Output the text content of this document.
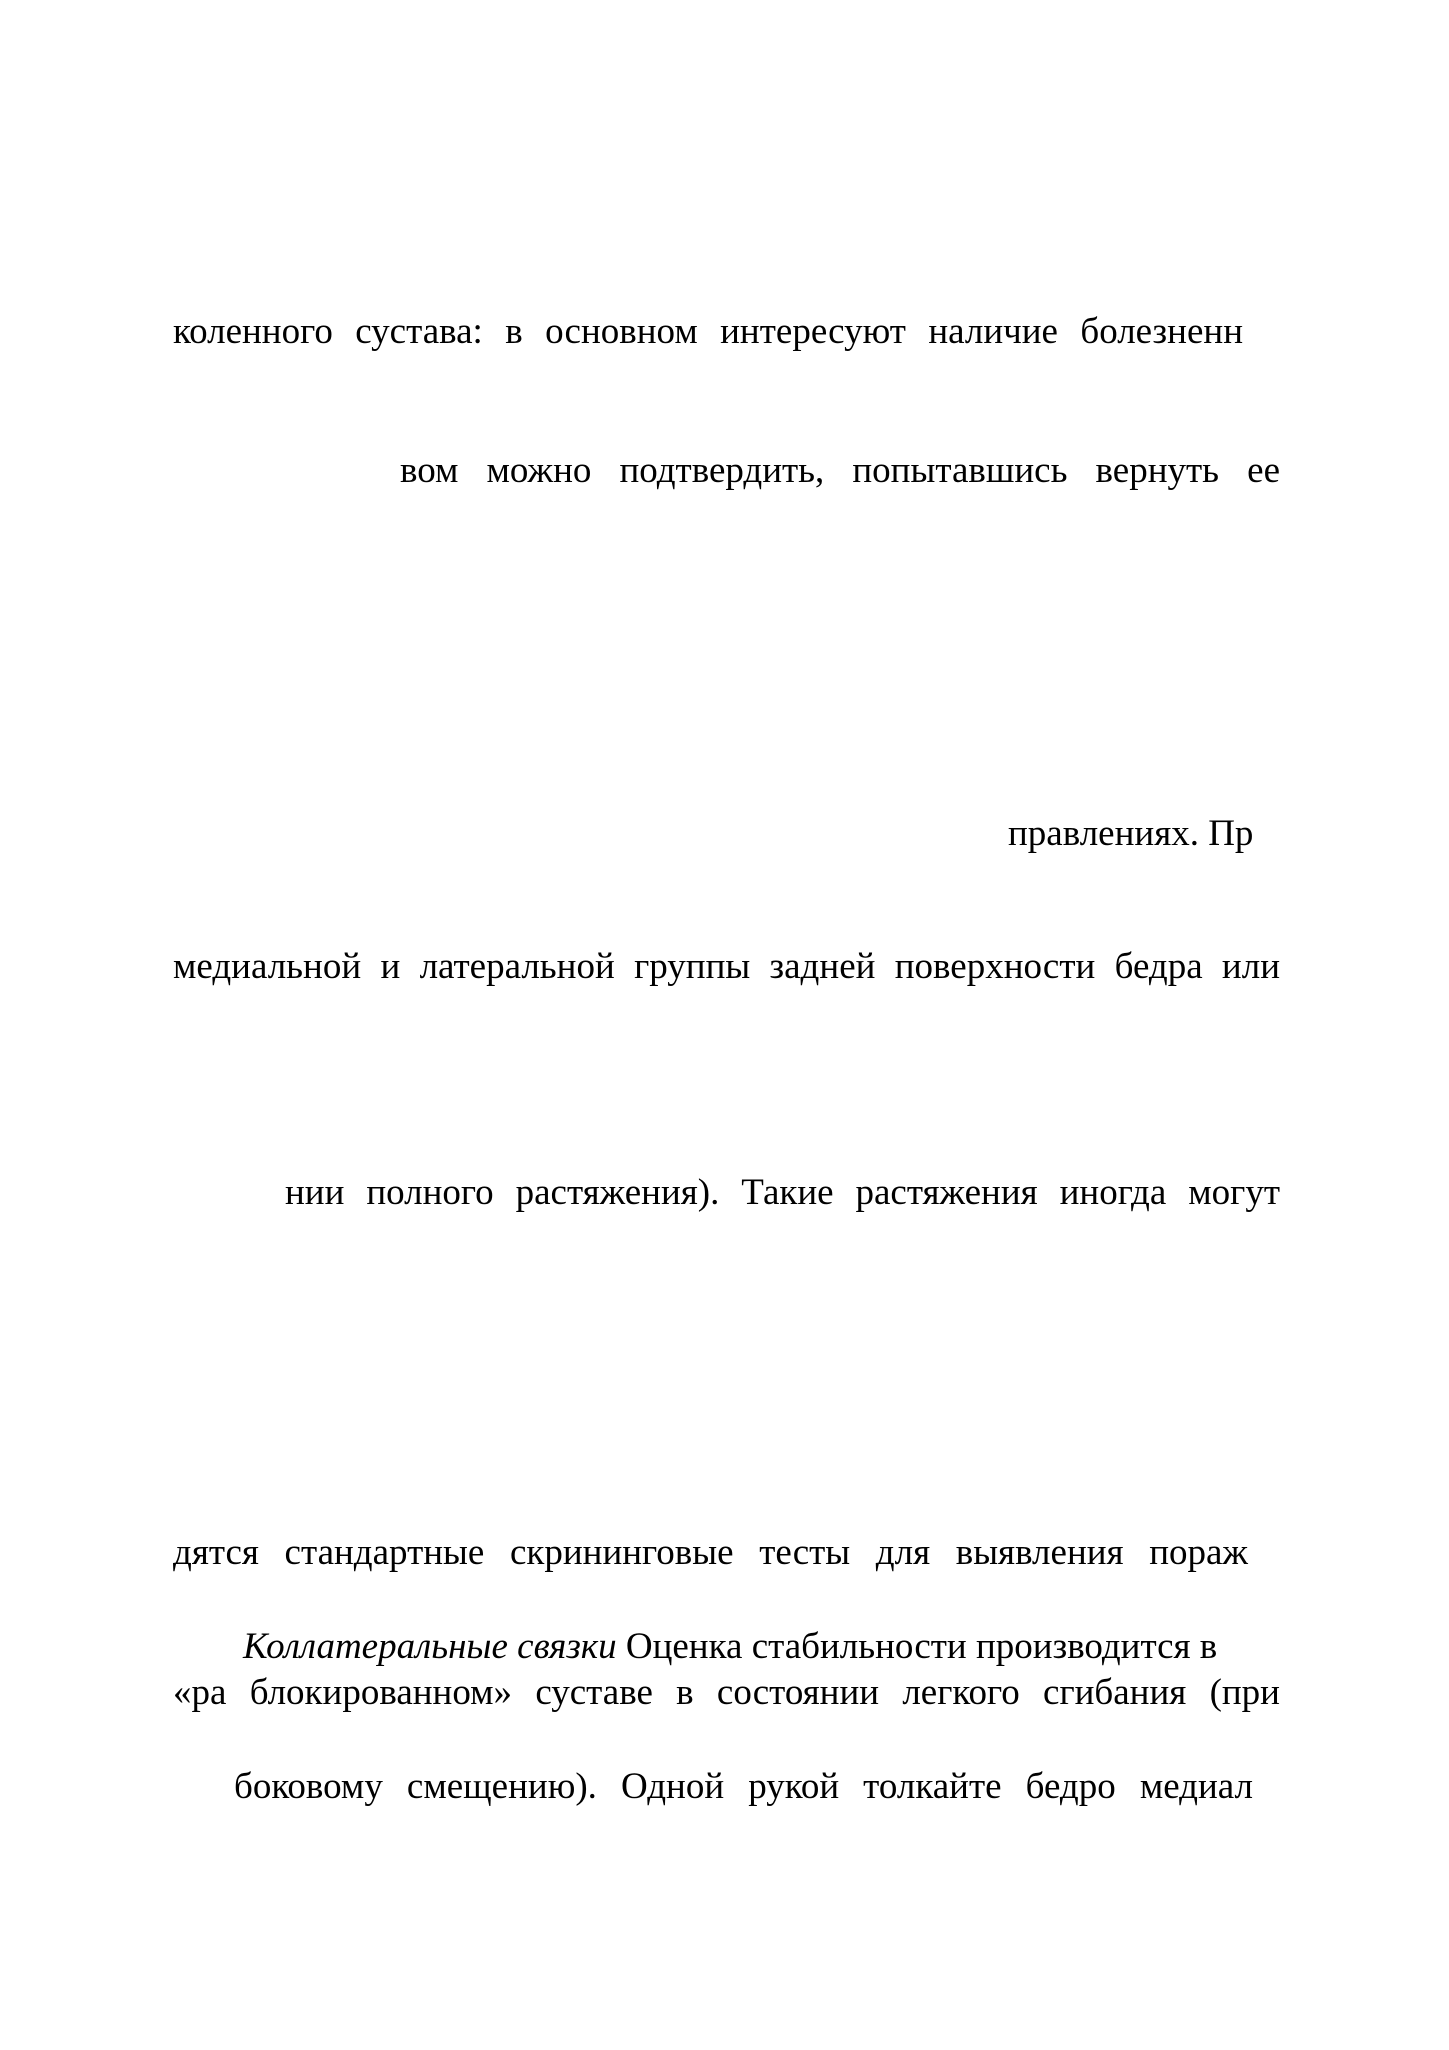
коленного сустава: в основном интересуют наличие болезненн

вом можно подтвердить, попытавшись вернуть ее

правлениях. Пр

медиальной и латеральной группы задней поверхности бедра или

нии полного растяжения). Такие растяжения иногда могут

дятся стандартные скрининговые тесты для выявления пораж

Коллатеральные связки Оценка стабильности производится в

«ра блокированном» суставе в состоянии легкого сгибания (при

боковому смещению). Одной рукой толкайте бедро медиал
